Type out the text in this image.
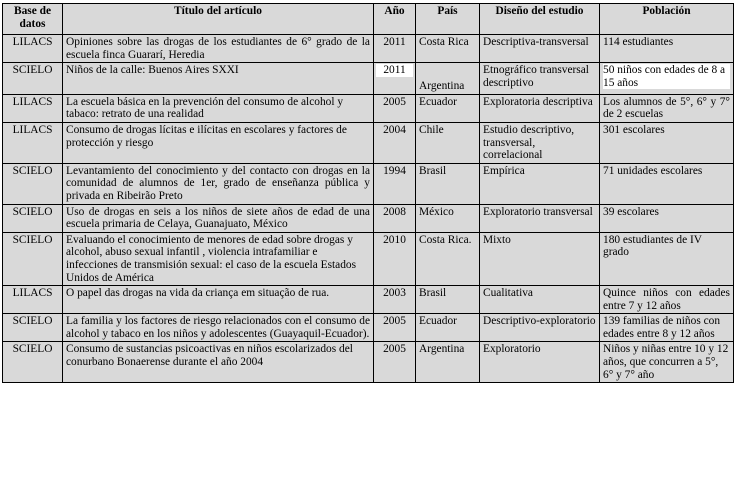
Base de datos	Título del artículo	Año	País	Diseño del estudio	Población
LILACS	Opiniones sobre las drogas de los estudiantes de 6° grado de la escuela finca Guararí, Heredia	2011	Costa Rica	Descriptiva-transversal	114 estudiantes
SCIELO	Niños de la calle: Buenos Aires SXXI	2011	Argentina	Etnográfico transversal descriptivo	50 niños con edades de 8 a 15 años
LILACS	La escuela básica en la prevención del consumo de alcohol y tabaco: retrato de una realidad	2005	Ecuador	Exploratoria descriptiva	Los alumnos de 5°, 6° y 7° de 2 escuelas
LILACS	Consumo de drogas lícitas e ilícitas en escolares y factores de protección y riesgo	2004	Chile	Estudio descriptivo, transversal, correlacional	301 escolares
SCIELO	Levantamiento del conocimiento y del contacto con drogas en la comunidad de alumnos de 1er, grado de enseñanza pública y privada en Ribeirão Preto	1994	Brasil	Empírica	71 unidades escolares
SCIELO	Uso de drogas en seis a los niños de siete años de edad de una escuela primaria de Celaya, Guanajuato, México	2008	México	Exploratorio transversal	39 escolares
SCIELO	Evaluando el conocimiento de menores de edad sobre drogas y alcohol, abuso sexual infantil , violencia intrafamiliar e infecciones de transmisión sexual: el caso de la escuela Estados Unidos de América	2010	Costa Rica.	Mixto	180 estudiantes de IV grado
LILACS	O papel das drogas na vida da criança em situação de rua.	2003	Brasil	Cualitativa	Quince niños con edades entre 7 y 12 años
SCIELO	La familia y los factores de riesgo relacionados con el consumo de alcohol y tabaco en los niños y adolescentes (Guayaquil-Ecuador).	2005	Ecuador	Descriptivo-exploratorio	139 familias de niños con edades entre 8 y 12 años
SCIELO	Consumo de sustancias psicoactivas en niños escolarizados del conurbano Bonaerense durante el año 2004	2005	Argentina	Exploratorio	Niños y niñas entre 10 y 12 años, que concurren a 5°, 6° y 7° año
